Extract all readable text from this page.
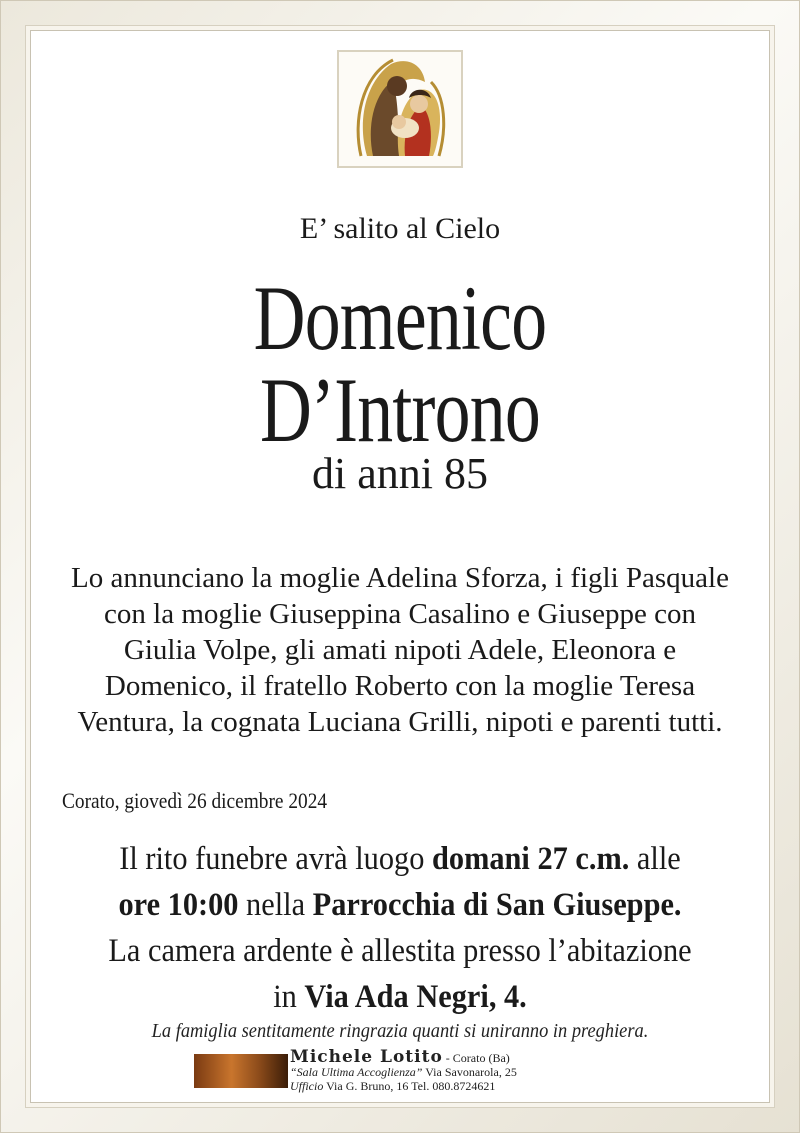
E’ salito al Cielo
Domenico D’Introno
di anni 85
Lo annunciano la moglie Adelina Sforza, i figli Pasquale
con la moglie Giuseppina Casalino e Giuseppe con
Giulia Volpe, gli amati nipoti Adele, Eleonora e
Domenico, il fratello Roberto con la moglie Teresa
Ventura, la cognata Luciana Grilli, nipoti e parenti tutti.
Corato, giovedì 26 dicembre 2024
Il rito funebre avrà luogo domani 27 c.m. alle
ore 10:00 nella Parrocchia di San Giuseppe.
La camera ardente è allestita presso l’abitazione
in Via Ada Negri, 4.
La famiglia sentitamente ringrazia quanti si uniranno in preghiera.
Michele Lotito - Corato (Ba)
“Sala Ultima Accoglienza” Via Savonarola, 25
Ufficio Via G. Bruno, 16 Tel. 080.8724621
